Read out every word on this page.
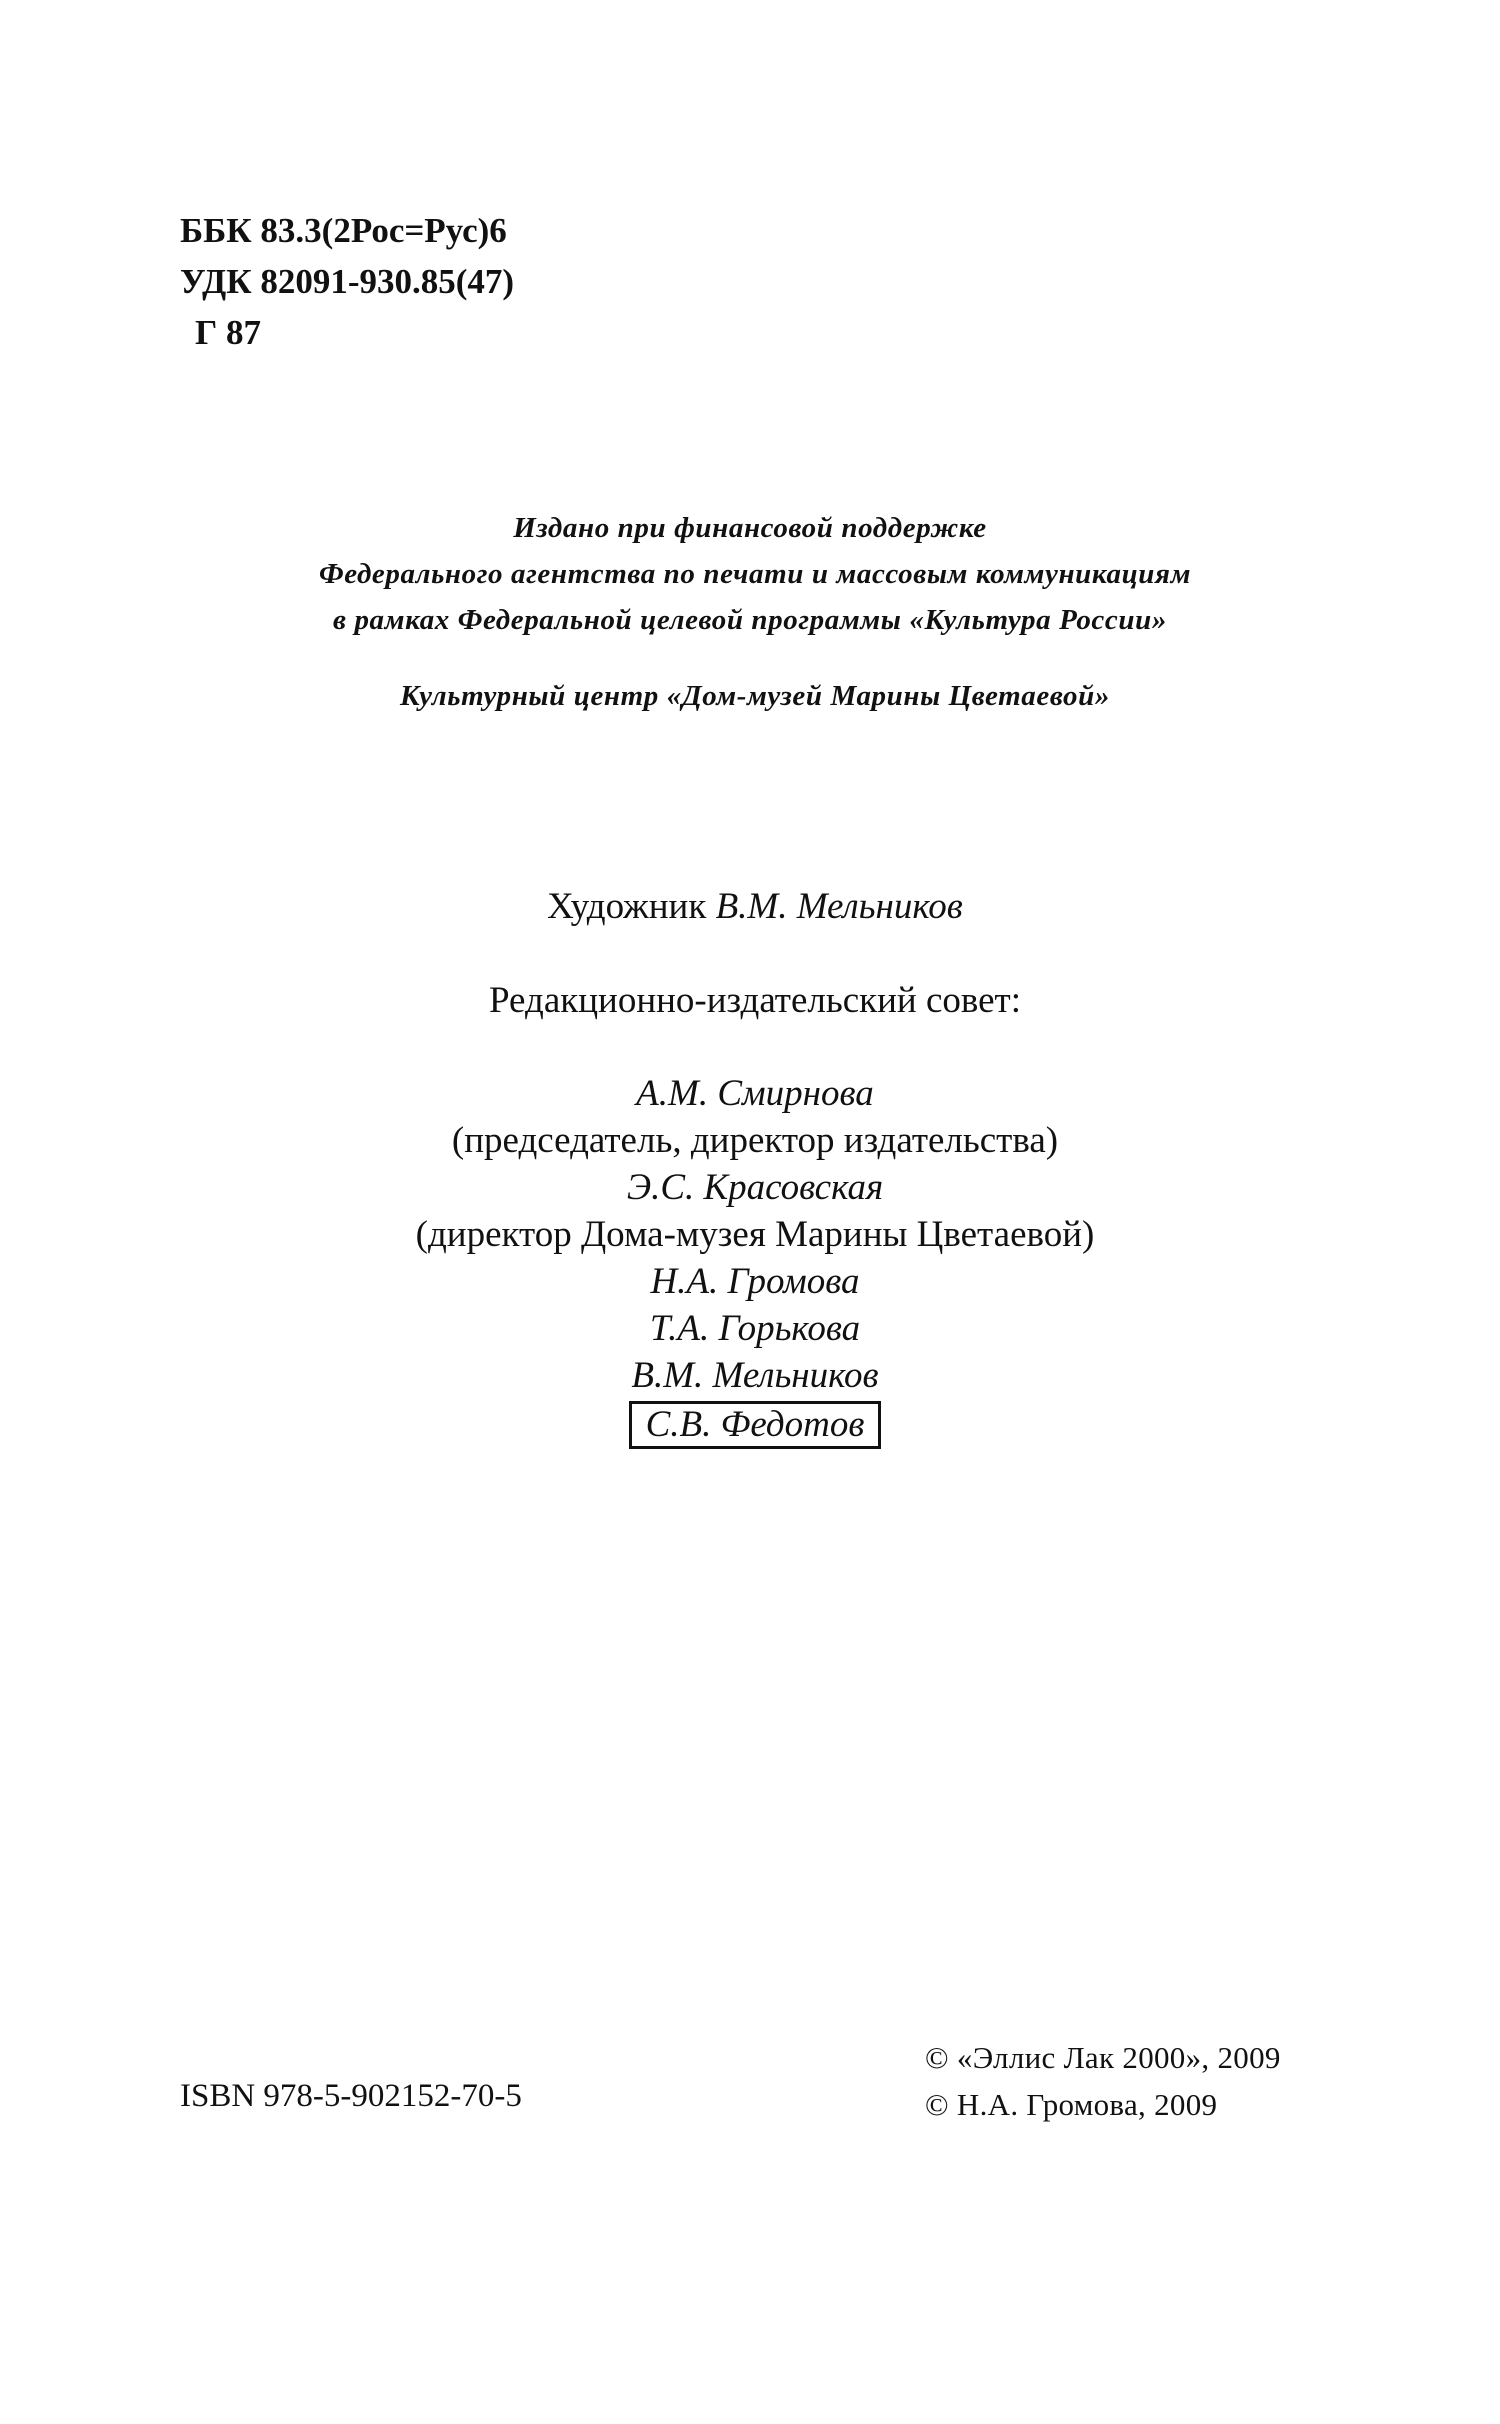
ББК 83.3(2Рос=Рус)6
УДК 82091-930.85(47)
Г 87
Издано при финансовой поддержке
Федерального агентства по печати и массовым коммуникациям
в рамках Федеральной целевой программы «Культура России»
Культурный центр «Дом-музей Марины Цветаевой»
Художник В.М. Мельников
Редакционно-издательский совет:
А.М. Смирнова
(председатель, директор издательства)
Э.С. Красовская
(директор Дома-музея Марины Цветаевой)
Н.А. Громова
Т.А. Горькова
В.М. Мельников
С.В. Федотов
ISBN 978-5-902152-70-5
© «Эллис Лак 2000», 2009
© Н.А. Громова, 2009
